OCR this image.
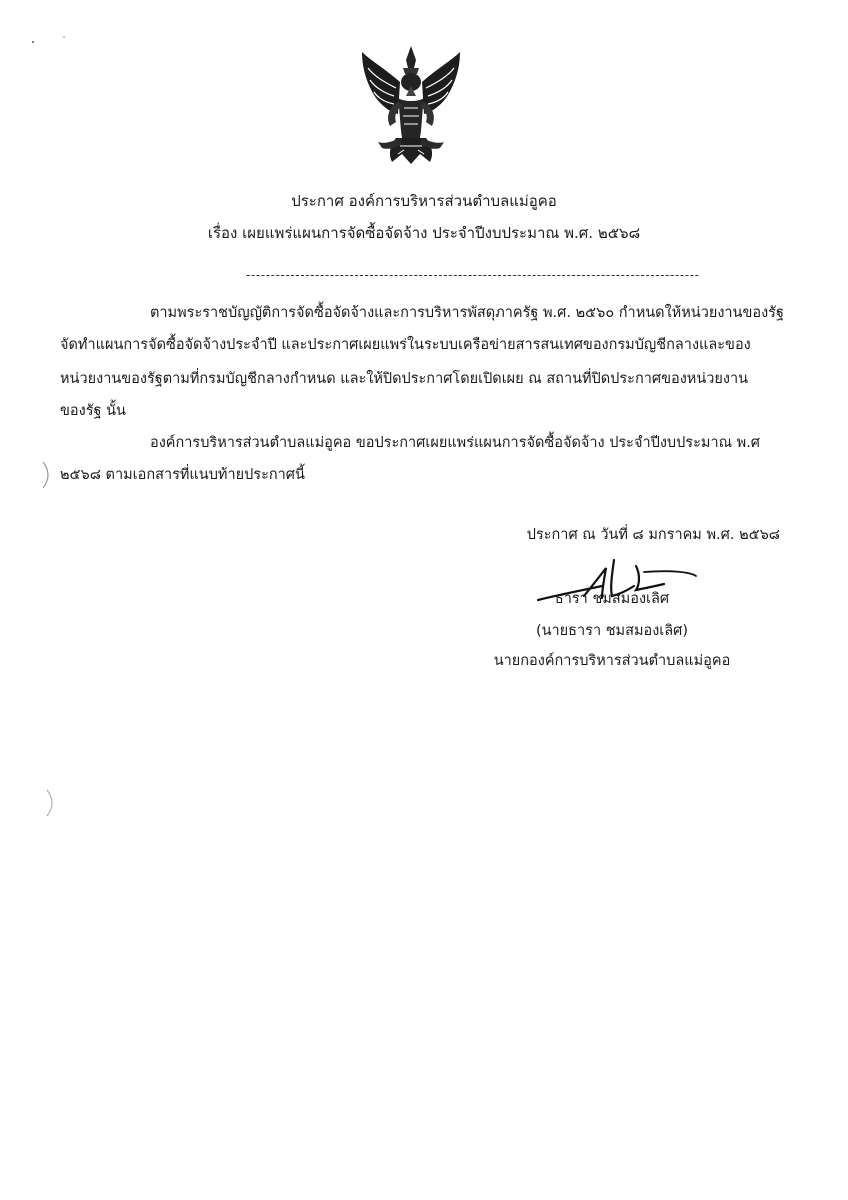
ประกาศ องค์การบริหารส่วนตำบลแม่อูคอ
เรื่อง เผยแพร่แผนการจัดซื้อจัดจ้าง ประจำปีงบประมาณ พ.ศ. ๒๕๖๘
--------------------------------------------------------------------------------------------
ตามพระราชบัญญัติการจัดซื้อจัดจ้างและการบริหารพัสดุภาครัฐ พ.ศ. ๒๕๖๐ กำหนดให้หน่วยงานของรัฐ
จัดทำแผนการจัดซื้อจัดจ้างประจำปี และประกาศเผยแพร่ในระบบเครือข่ายสารสนเทศของกรมบัญชีกลางและของ
หน่วยงานของรัฐตามที่กรมบัญชีกลางกำหนด และให้ปิดประกาศโดยเปิดเผย ณ สถานที่ปิดประกาศของหน่วยงาน
ของรัฐ นั้น
องค์การบริหารส่วนตำบลแม่อูคอ ขอประกาศเผยแพร่แผนการจัดซื้อจัดจ้าง ประจำปีงบประมาณ พ.ศ
๒๕๖๘ ตามเอกสารที่แนบท้ายประกาศนี้
ประกาศ ณ วันที่ ๘ มกราคม พ.ศ. ๒๕๖๘
ธารา ชมสมองเลิศ
(นายธารา ชมสมองเลิศ)
นายกองค์การบริหารส่วนตำบลแม่อูคอ
